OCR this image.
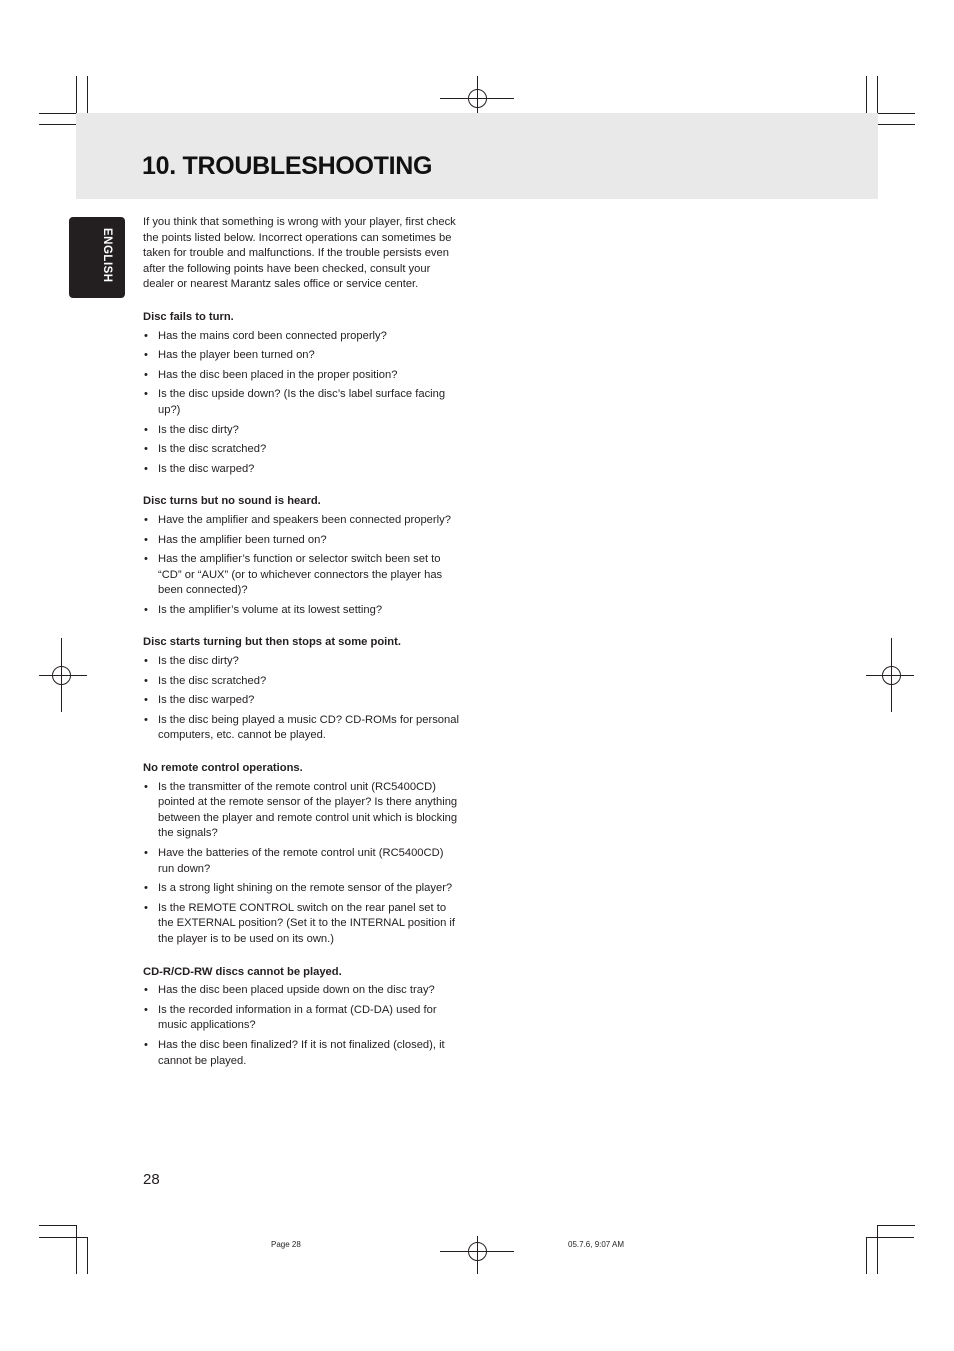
10. TROUBLESHOOTING
ENGLISH

If you think that something is wrong with your player, first check the points listed below. Incorrect operations can sometimes be taken for trouble and malfunctions. If the trouble persists even after the following points have been checked, consult your dealer or nearest Marantz sales office or service center.

Disc fails to turn.
• Has the mains cord been connected properly?
• Has the player been turned on?
• Has the disc been placed in the proper position?
• Is the disc upside down? (Is the disc’s label surface facing up?)
• Is the disc dirty?
• Is the disc scratched?
• Is the disc warped?
Disc turns but no sound is heard.
• Have the amplifier and speakers been connected properly?
• Has the amplifier been turned on?
• Has the amplifier’s function or selector switch been set to “CD” or “AUX” (or to whichever connectors the player has been connected)?
• Is the amplifier’s volume at its lowest setting?
Disc starts turning but then stops at some point.
• Is the disc dirty?
• Is the disc scratched?
• Is the disc warped?
• Is the disc being played a music CD? CD-ROMs for personal computers, etc. cannot be played.
No remote control operations.
• Is the transmitter of the remote control unit (RC5400CD) pointed at the remote sensor of the player? Is there anything between the player and remote control unit which is blocking the signals?
• Have the batteries of the remote control unit (RC5400CD) run down?
• Is a strong light shining on the remote sensor of the player?
• Is the REMOTE CONTROL switch on the rear panel set to the EXTERNAL position? (Set it to the INTERNAL position if the player is to be used on its own.)
CD-R/CD-RW discs cannot be played.
• Has the disc been placed upside down on the disc tray?
• Is the recorded information in a format (CD-DA) used for music applications?
• Has the disc been finalized? If it is not finalized (closed), it cannot be played.
28
Page 28	05.7.6, 9:07 AM
